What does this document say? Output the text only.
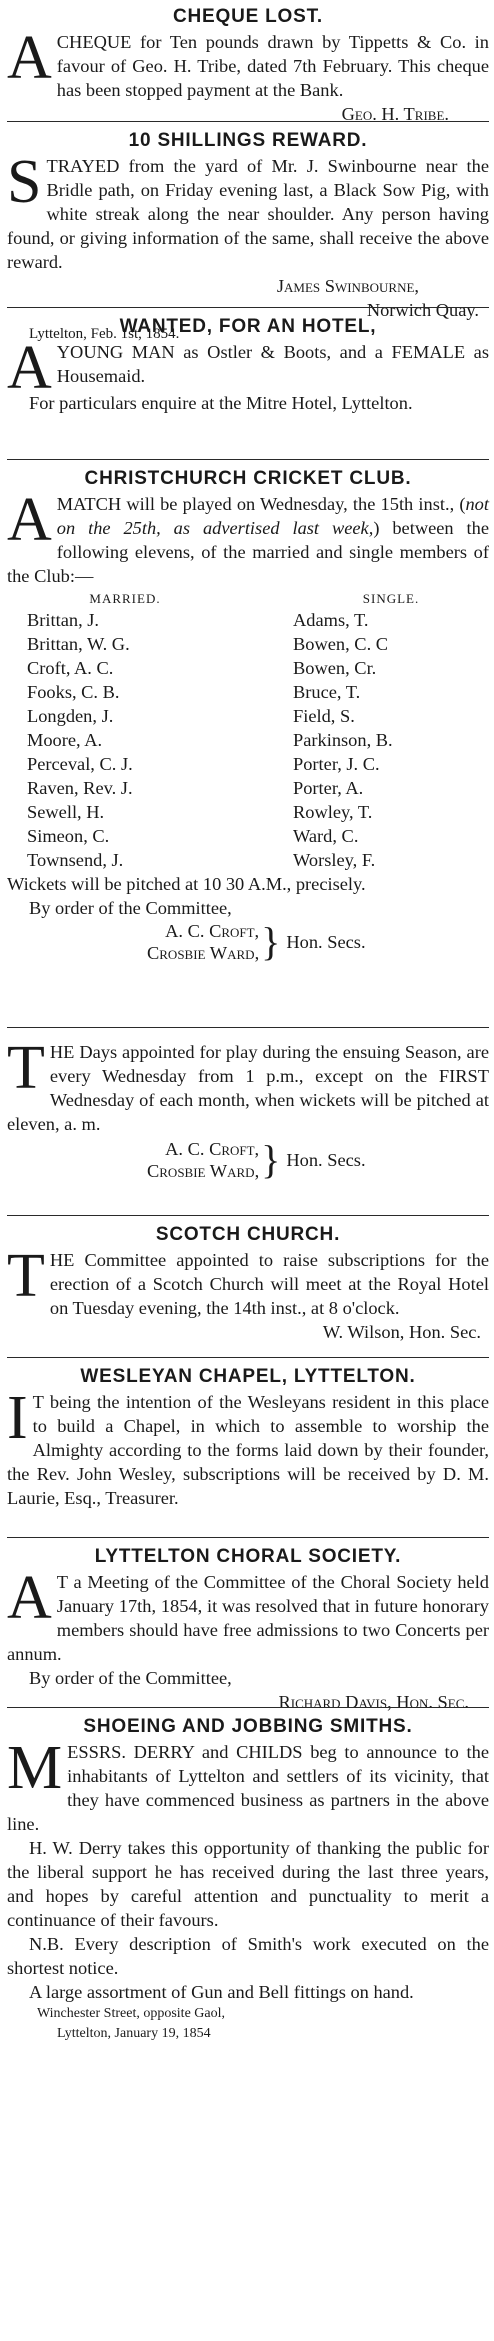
CHEQUE LOST.

ACHEQUE for Ten pounds drawn by Tippetts & Co. in favour of Geo. H. Tribe, dated 7th February. This cheque has been stopped payment at the Bank.

Geo. H. Tribe.

10 SHILLINGS REWARD.

STRAYED from the yard of Mr. J. Swinbourne near the Bridle path, on Friday evening last, a Black Sow Pig, with white streak along the near shoulder. Any person having found, or giving information of the same, shall receive the above reward.

James Swinbourne,

Norwich Quay.

Lyttelton, Feb. 1st, 1854.

WANTED, FOR AN HOTEL,

AYOUNG MAN as Ostler & Boots, and a FEMALE as Housemaid.

For particulars enquire at the Mitre Hotel, Lyttelton.

CHRISTCHURCH CRICKET CLUB.

AMATCH will be played on Wednesday, the 15th inst., (not on the 25th, as advertised last week,) between the following elevens, of the married and single members of the Club:—

MARRIED.
Brittan, J.
Brittan, W. G.
Croft, A. C.
Fooks, C. B.
Longden, J.
Moore, A.
Perceval, C. J.
Raven, Rev. J.
Sewell, H.
Simeon, C.
Townsend, J.
SINGLE.
Adams, T.
Bowen, C. C
Bowen, Cr.
Bruce, T.
Field, S.
Parkinson, B.
Porter, J. C.
Porter, A.
Rowley, T.
Ward, C.
Worsley, F.

Wickets will be pitched at 10 30 A.M., precisely.

By order of the Committee,

A. C. Croft,
Crosbie Ward, } Hon. Secs.

THE Days appointed for play during the ensuing Season, are every Wednesday from 1 p.m., except on the FIRST Wednesday of each month, when wickets will be pitched at eleven, a. m.

A. C. Croft,
Crosbie Ward, } Hon. Secs.
SCOTCH CHURCH.

THE Committee appointed to raise subscriptions for the erection of a Scotch Church will meet at the Royal Hotel on Tuesday evening, the 14th inst., at 8 o'clock.

W. Wilson, Hon. Sec.

WESLEYAN CHAPEL, LYTTELTON.

I T being the intention of the Wesleyans resident in this place to build a Chapel, in which to assemble to worship the Almighty according to the forms laid down by their founder, the Rev. John Wesley, subscriptions will be received by D. M. Laurie, Esq., Treasurer.

LYTTELTON CHORAL SOCIETY.

A T a Meeting of the Committee of the Choral Society held January 17th, 1854, it was resolved that in future honorary members should have free admissions to two Concerts per annum.

By order of the Committee,

Richard Davis, Hon. Sec.

SHOEING AND JOBBING SMITHS.

MESSRS. DERRY and CHILDS beg to announce to the inhabitants of Lyttelton and settlers of its vicinity, that they have commenced business as partners in the above line.

H. W. Derry takes this opportunity of thanking the public for the liberal support he has received during the last three years, and hopes by careful attention and punctuality to merit a continuance of their favours.

N.B. Every description of Smith's work executed on the shortest notice.

A large assortment of Gun and Bell fittings on hand.

Winchester Street, opposite Gaol,

Lyttelton, January 19, 1854
